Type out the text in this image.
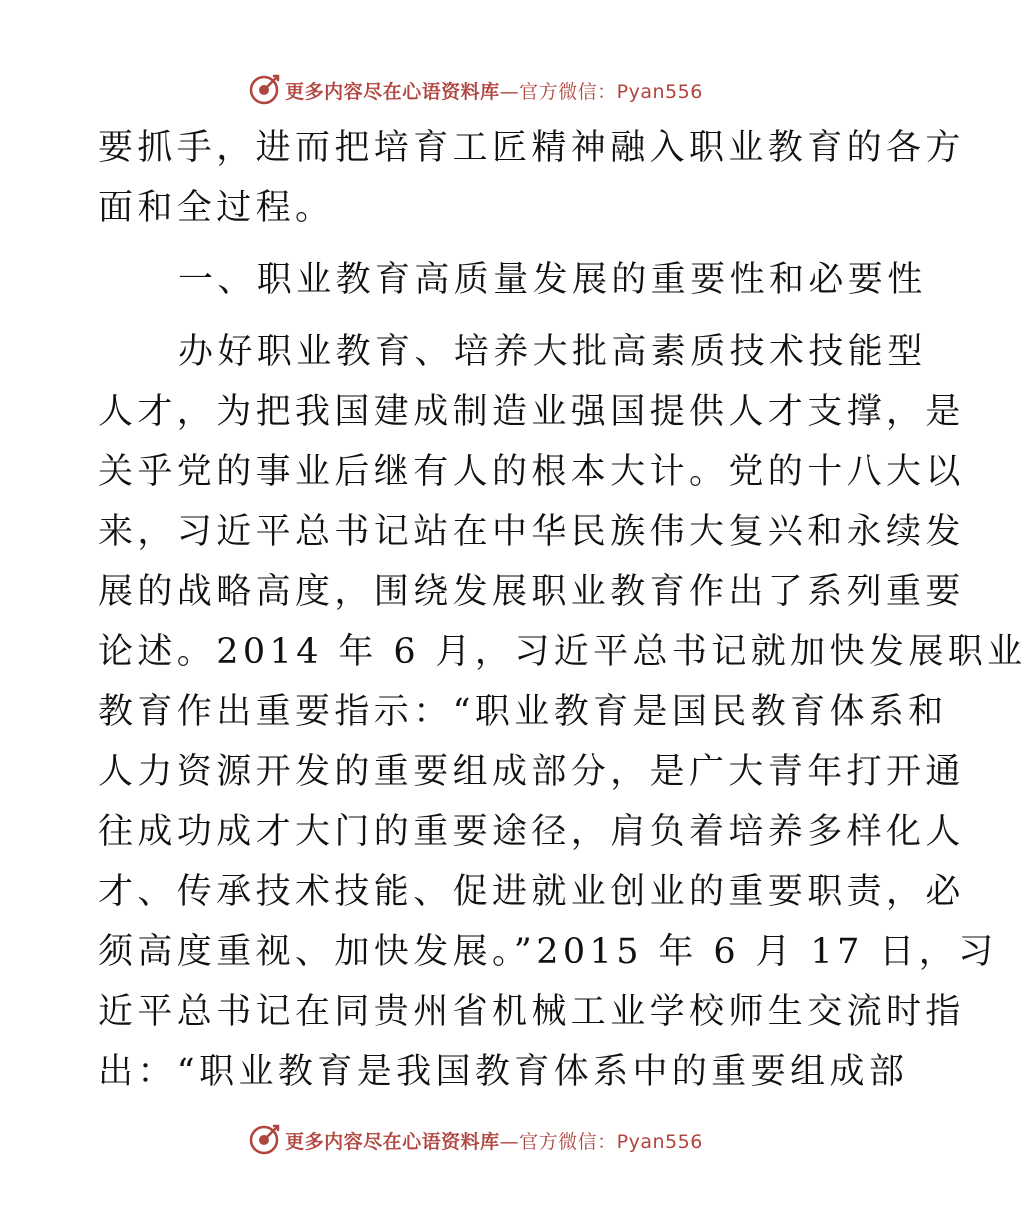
更多内容尽在心语资料库 —官方微信：Pyan556
要抓手，进而把培育工匠精神融入职业教育的各方
面和全过程。
一、职业教育高质量发展的重要性和必要性
办好职业教育、培养大批高素质技术技能型
人才，为把我国建成制造业强国提供人才支撑，是
关乎党的事业后继有人的根本大计。党的十八大以
来，习近平总书记站在中华民族伟大复兴和永续发
展的战略高度，围绕发展职业教育作出了系列重要
论述。2014 年 6 月，习近平总书记就加快发展职业
教育作出重要指示：“职业教育是国民教育体系和
人力资源开发的重要组成部分，是广大青年打开通
往成功成才大门的重要途径，肩负着培养多样化人
才、传承技术技能、促进就业创业的重要职责，必
须高度重视、加快发展。”2015 年 6 月 17 日，习
近平总书记在同贵州省机械工业学校师生交流时指
出：“职业教育是我国教育体系中的重要组成部
更多内容尽在心语资料库 —官方微信：Pyan556
